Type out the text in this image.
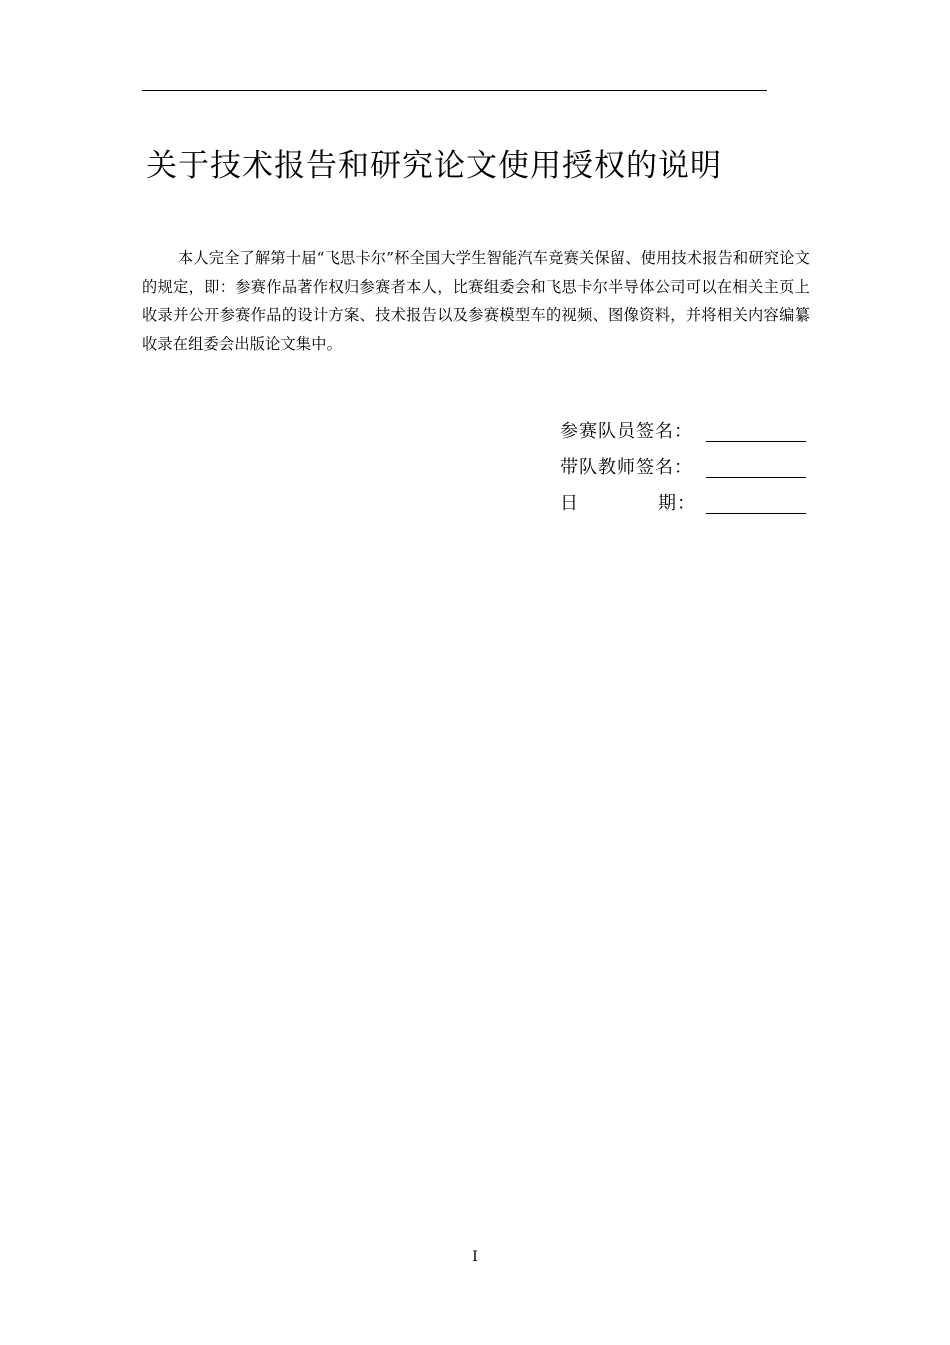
关于技术报告和研究论文使用授权的说明

本人完全了解第十届“飞思卡尔”杯全国大学生智能汽车竞赛关保留、使用技术报告和研究论文的规定，即：参赛作品著作权归参赛者本人，比赛组委会和飞思卡尔半导体公司可以在相关主页上收录并公开参赛作品的设计方案、技术报告以及参赛模型车的视频、图像资料，并将相关内容编纂收录在组委会出版论文集中。

参赛队员签名：
带队教师签名：
日	期：
I
